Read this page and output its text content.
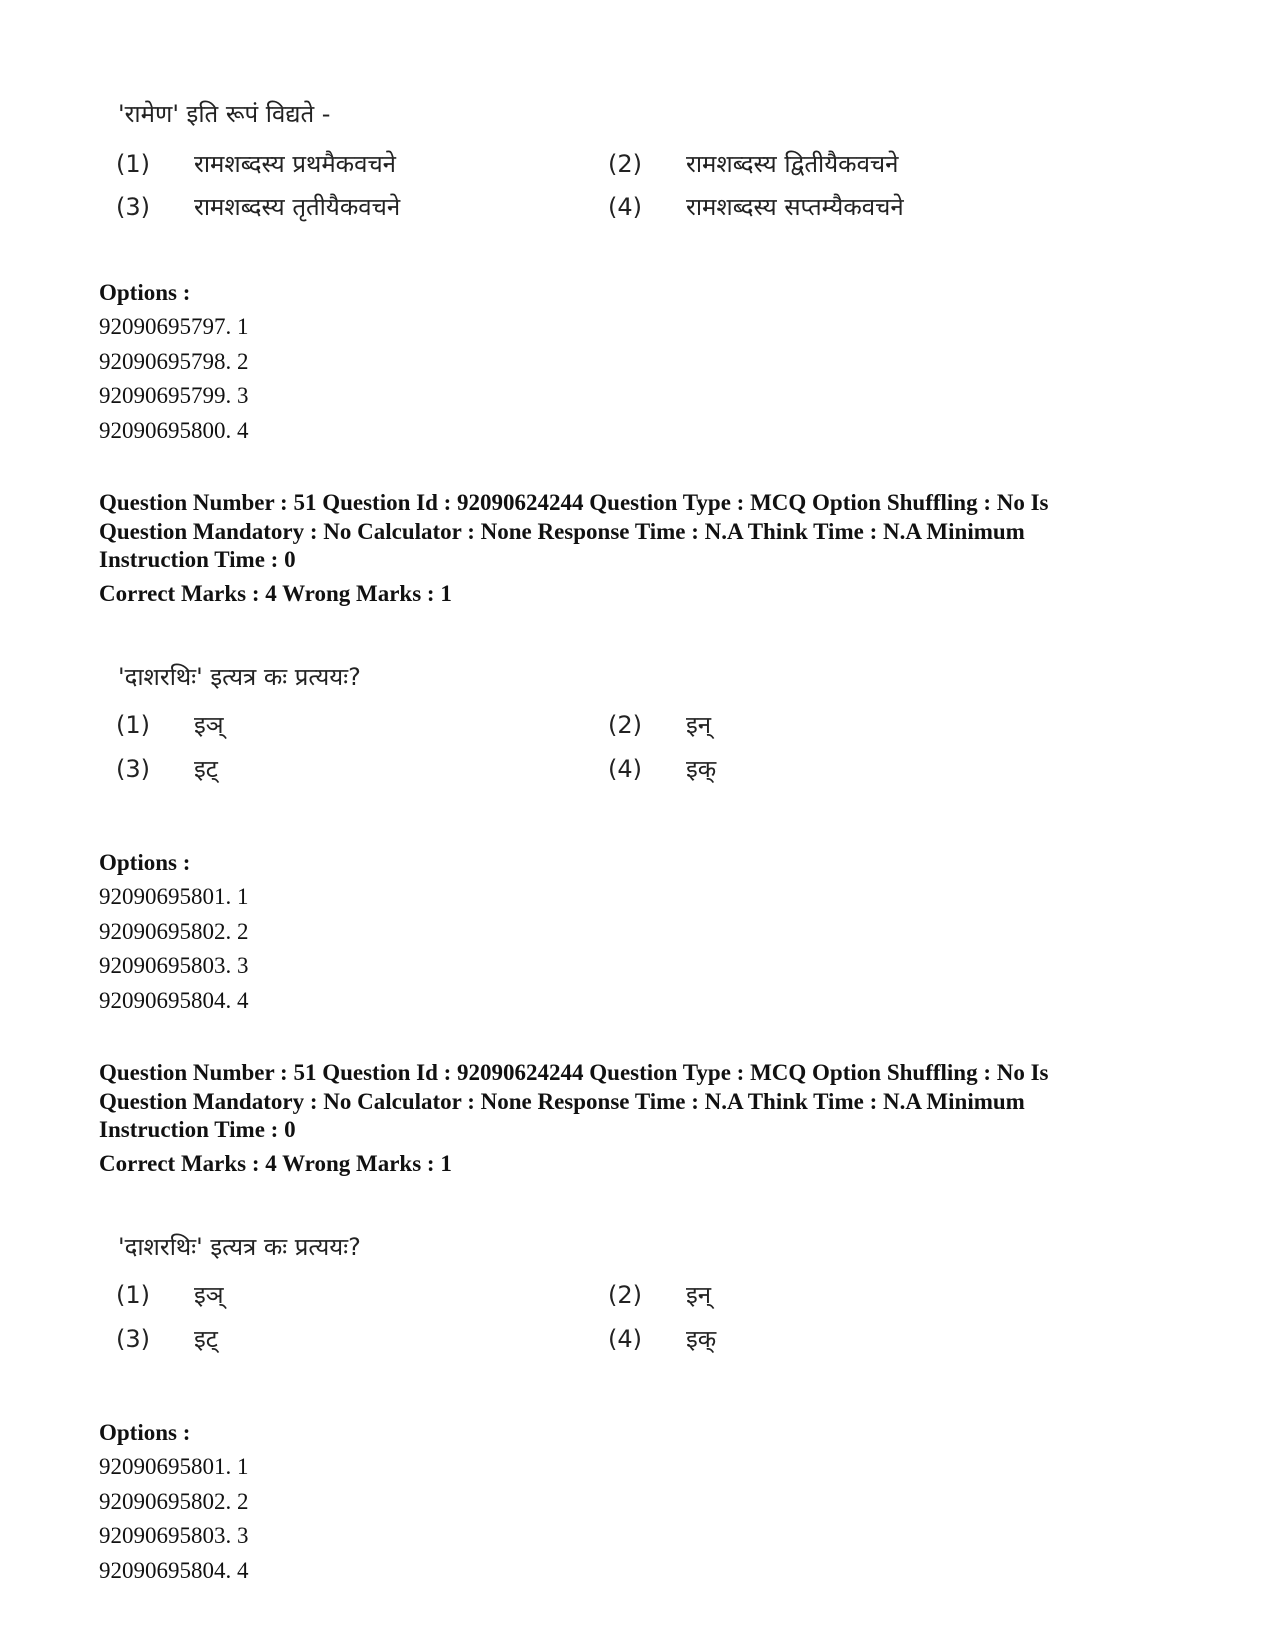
'रामेण' इति रूपं विद्यते -
(1) रामशब्दस्य प्रथमैकवचने	(2) रामशब्दस्य द्वितीयैकवचने
(3) रामशब्दस्य तृतीयैकवचने	(4) रामशब्दस्य सप्तम्यैकवचने
Options :
92090695797. 1
92090695798. 2
92090695799. 3
92090695800. 4
Question Number : 51 Question Id : 92090624244 Question Type : MCQ Option Shuffling : No Is
Question Mandatory : No Calculator : None Response Time : N.A Think Time : N.A Minimum
Instruction Time : 0
Correct Marks : 4 Wrong Marks : 1
'दाशरथिः' इत्यत्र कः प्रत्ययः?
(1) इञ्	(2) इन्
(3) इट्	(4) इक्
Options :
92090695801. 1
92090695802. 2
92090695803. 3
92090695804. 4
Question Number : 51 Question Id : 92090624244 Question Type : MCQ Option Shuffling : No Is
Question Mandatory : No Calculator : None Response Time : N.A Think Time : N.A Minimum
Instruction Time : 0
Correct Marks : 4 Wrong Marks : 1
'दाशरथिः' इत्यत्र कः प्रत्ययः?
(1) इञ्	(2) इन्
(3) इट्	(4) इक्
Options :
92090695801. 1
92090695802. 2
92090695803. 3
92090695804. 4
